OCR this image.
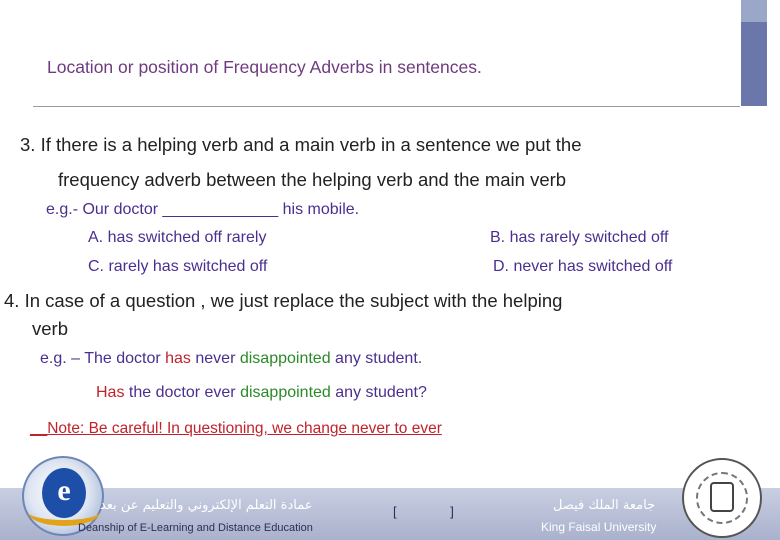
Location or position of Frequency Adverbs in sentences.
3. If there is a helping verb and a main verb in a sentence we put the
frequency adverb between the helping verb and the main verb
e.g.- Our doctor _____________ his mobile.
A. has switched off rarely	B. has rarely switched off
C. rarely has switched off	D. never has switched off
4. In case of a question , we just replace the subject with the helping
verb
e.g. – The doctor has never disappointed any student.
Has the doctor ever disappointed any student?
__Note: Be careful! In questioning, we change never to ever
e	عمادة التعلم الإلكتروني والتعليم عن بعد
Deanship of E-Learning and Distance Education
[ ]	جامعة الملك فيصل
King Faisal University
